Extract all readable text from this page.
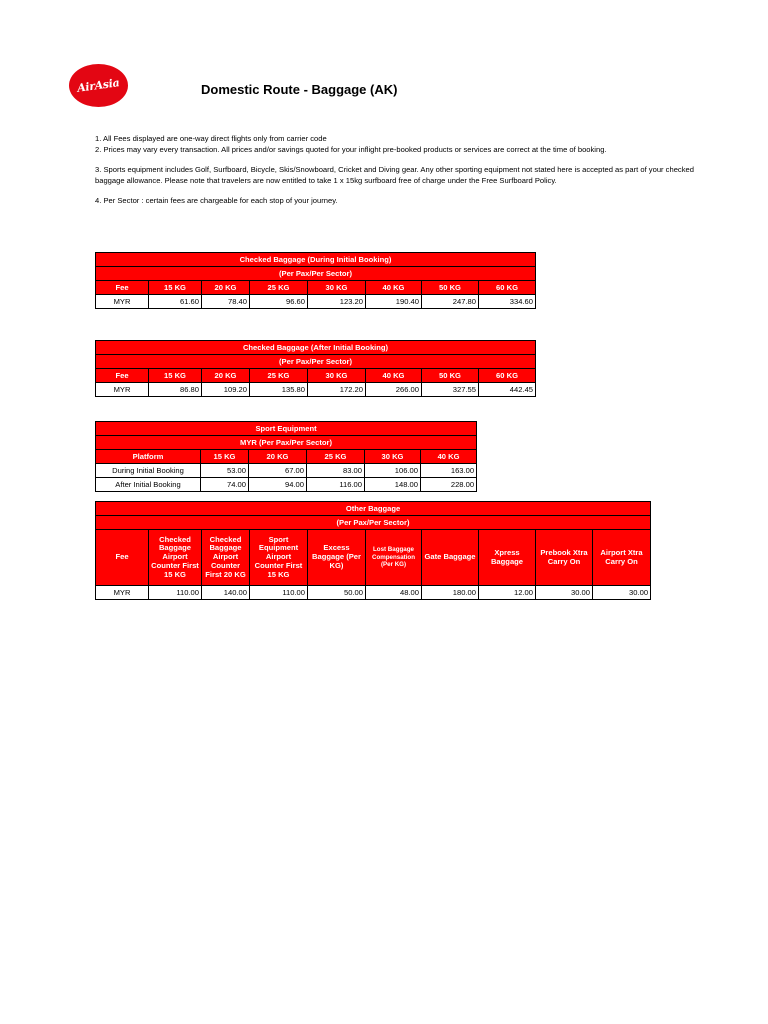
AirAsia	Domestic Route - Baggage (AK)

1. All Fees displayed are one-way direct flights only from carrier code

2. Prices may vary every transaction. All prices and/or savings quoted for your inflight pre-booked products or services are correct at the time of booking.

3. Sports equipment includes Golf, Surfboard, Bicycle, Skis/Snowboard, Cricket and Diving gear. Any other sporting equipment not stated here is accepted as part of your checked baggage allowance. Please note that travelers are now entitled to take 1 x 15kg surfboard free of charge under the Free Surfboard Policy.

4. Per Sector : certain fees are chargeable for each stop of your journey.

Checked Baggage (During Initial Booking)							
(Per Pax/Per Sector)							
Fee	15 KG	20 KG	25 KG	30 KG	40 KG	50 KG	60 KG
MYR	61.60	78.40	96.60	123.20	190.40	247.80	334.60
Checked Baggage (After Initial Booking)							
(Per Pax/Per Sector)							
Fee	15 KG	20 KG	25 KG	30 KG	40 KG	50 KG	60 KG
MYR	86.80	109.20	135.80	172.20	266.00	327.55	442.45
Sport Equipment					
MYR (Per Pax/Per Sector)					
Platform	15 KG	20 KG	25 KG	30 KG	40 KG
During Initial Booking	53.00	67.00	83.00	106.00	163.00
After Initial Booking	74.00	94.00	116.00	148.00	228.00
Other Baggage									
(Per Pax/Per Sector)									
Fee	Checked Baggage Airport Counter First 15 KG	Checked Baggage Airport Counter First 20 KG	Sport Equipment Airport Counter First 15 KG	Excess Baggage (Per KG)	Lost Baggage Compensation (Per KG)	Gate Baggage	Xpress Baggage	Prebook Xtra Carry On	Airport Xtra Carry On
MYR	110.00	140.00	110.00	50.00	48.00	180.00	12.00	30.00	30.00
